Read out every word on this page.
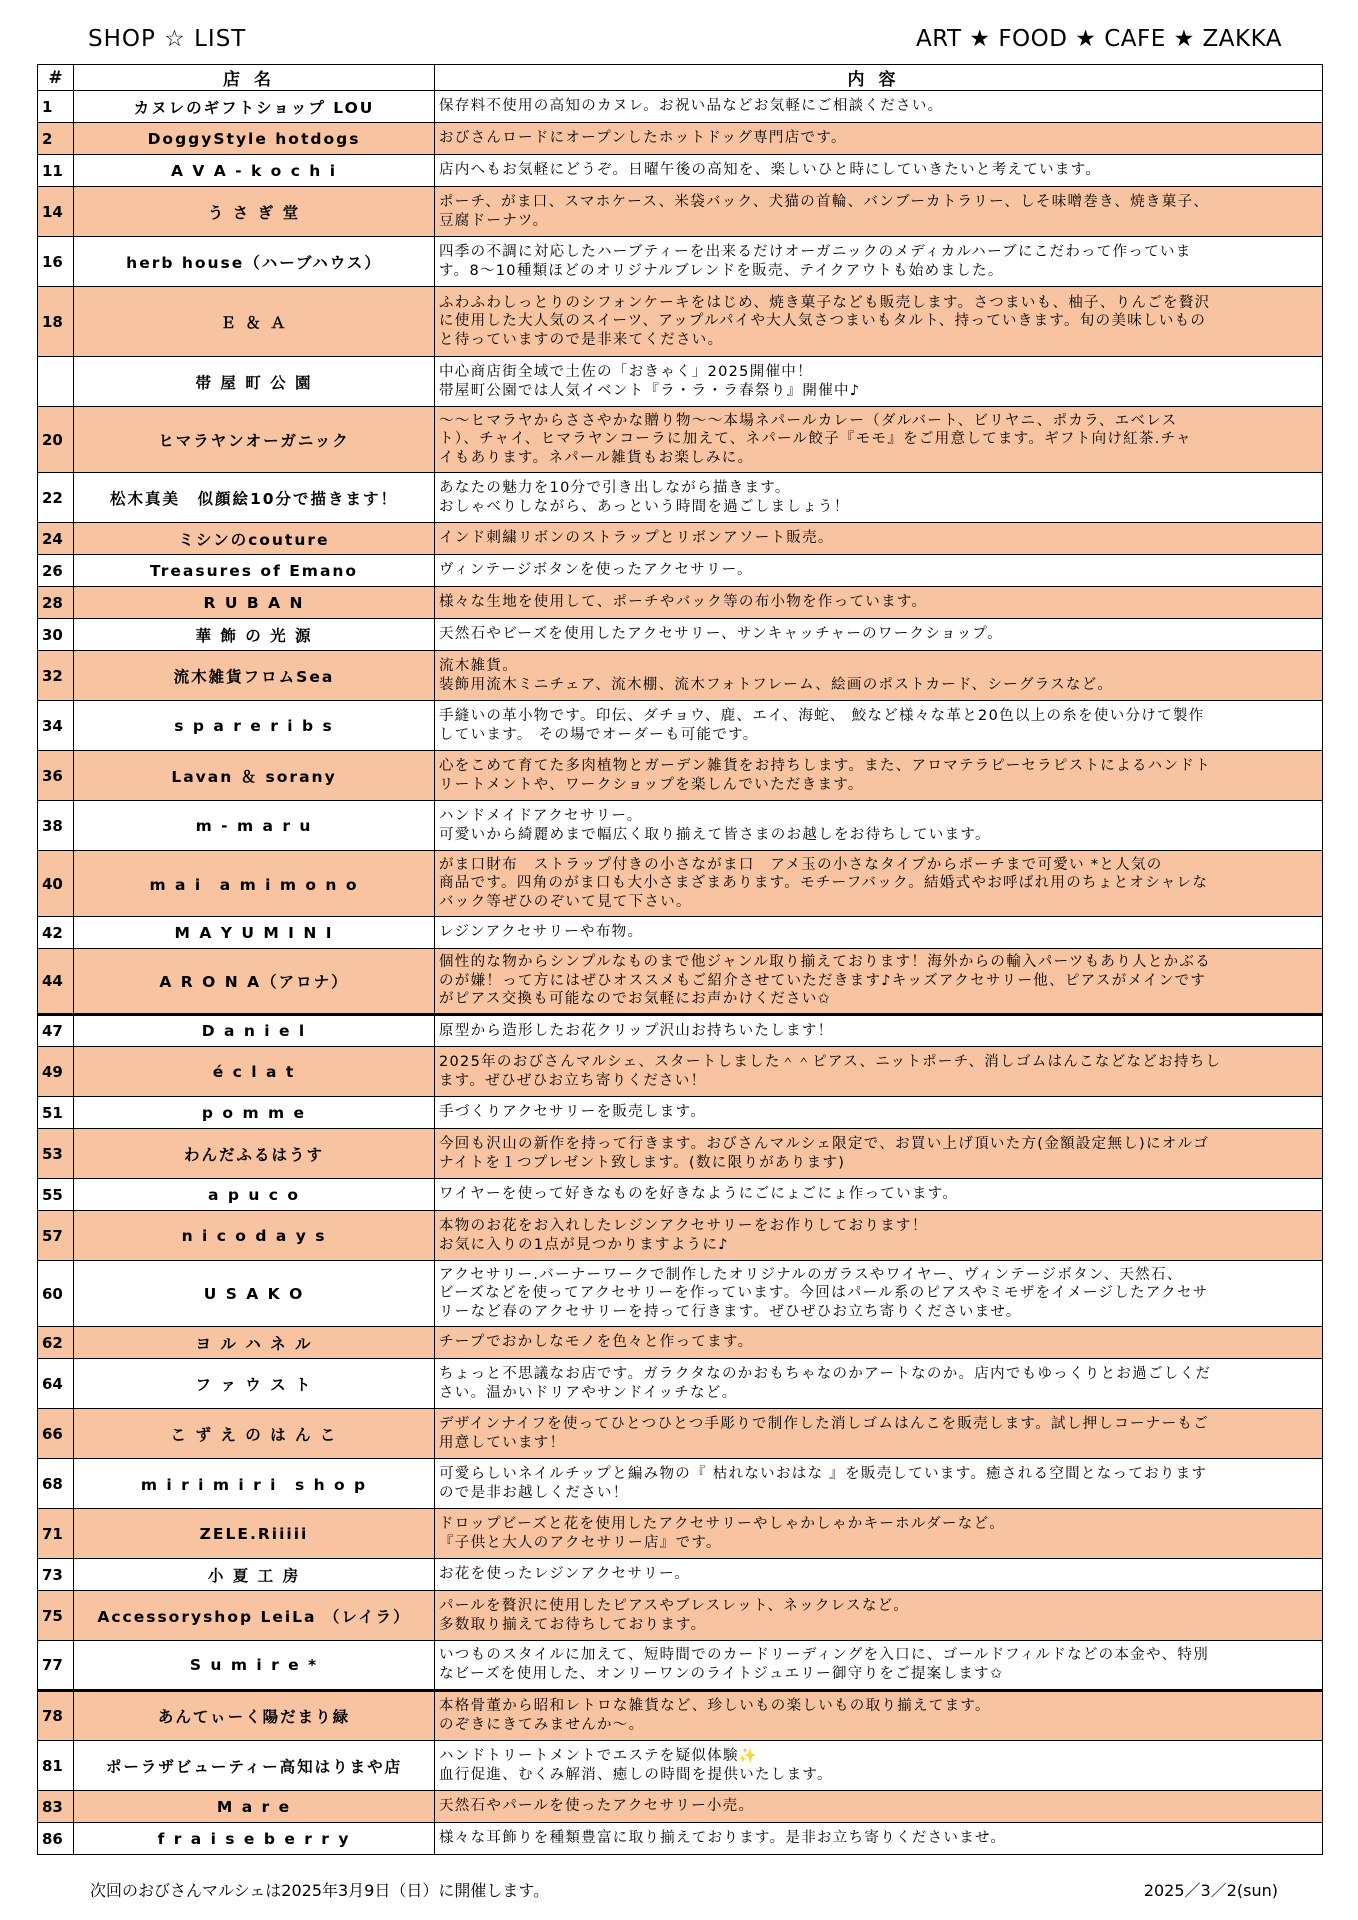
SHOP ☆ LIST	ART ★ FOOD ★ CAFE ★ ZAKKA
#	店名	内容
1	カヌレのギフトショップ LOU	保存料不使用の高知のカヌレ。お祝い品などお気軽にご相談ください。
2	DoggyStyle hotdogs	おびさんロードにオープンしたホットドッグ専門店です。
11	A V A - k o c h i	店内へもお気軽にどうぞ。日曜午後の高知を、楽しいひと時にしていきたいと考えています。
14	う さ ぎ 堂	ポーチ、がま口、スマホケース、米袋バック、犬猫の首輪、バンブーカトラリー、しそ味噌巻き、焼き菓子、
豆腐ドーナツ。
16	herb house（ハーブハウス）	四季の不調に対応したハーブティーを出来るだけオーガニックのメディカルハーブにこだわって作っていま
す。8～10種類ほどのオリジナルブレンドを販売、テイクアウトも始めました。
18	Ｅ ＆ Ａ	ふわふわしっとりのシフォンケーキをはじめ、焼き菓子なども販売します。さつまいも、柚子、りんごを贅沢
に使用した大人気のスイーツ、アップルパイや大人気さつまいもタルト、持っていきます。旬の美味しいもの
と待っていますので是非来てください。
	帯 屋 町 公 園	中心商店街全域で土佐の「おきゃく」2025開催中！
帯屋町公園では人気イベント『ラ・ラ・ラ春祭り』開催中♪
20	ヒマラヤンオーガニック	～～ヒマラヤからささやかな贈り物～～本場ネパールカレー（ダルバート、ビリヤニ、ポカラ、エベレス
ト）、チャイ、ヒマラヤンコーラに加えて、ネパール餃子『モモ』をご用意してます。ギフト向け紅茶.チャ
イもあります。ネパール雑貨もお楽しみに。
22	松木真美　似顔絵10分で描きます！	あなたの魅力を10分で引き出しながら描きます。
おしゃべりしながら、あっという時間を過ごしましょう！
24	ミシンのcouture	インド刺繍リボンのストラップとリボンアソート販売。
26	Treasures of Emano	ヴィンテージボタンを使ったアクセサリー。
28	R U B A N	様々な生地を使用して、ポーチやバック等の布小物を作っています。
30	華 飾 の 光 源	天然石やビーズを使用したアクセサリー、サンキャッチャーのワークショップ。
32	流木雑貨フロムSea	流木雑貨。
装飾用流木ミニチェア、流木棚、流木フォトフレーム、絵画のポストカード、シーグラスなど。
34	s p a r e r i b s	手縫いの革小物です。印伝、ダチョウ、鹿、エイ、海蛇、 鮫など様々な革と20色以上の糸を使い分けて製作
しています。 その場でオーダーも可能です。
36	Lavan ＆ sorany	心をこめて育てた多肉植物とガーデン雑貨をお持ちします。また、アロマテラピーセラピストによるハンドト
リートメントや、ワークショップを楽しんでいただきます。
38	m - m a r u	ハンドメイドアクセサリー。
可愛いから綺麗めまで幅広く取り揃えて皆さまのお越しをお待ちしています。
40	m a i　a m i m o n o	がま口財布　ストラップ付きの小さながま口　アメ玉の小さなタイプからポーチまで可愛い *と人気の
商品です。四角のがま口も大小さまざまあります。モチーフバック。結婚式やお呼ばれ用のちょとオシャレな
バック等ぜひのぞいて見て下さい。
42	M A Y U M I N I	レジンアクセサリーや布物。
44	A R O N A（アロナ）	個性的な物からシンプルなものまで他ジャンル取り揃えております！海外からの輸入パーツもあり人とかぶる
のが嫌！って方にはぜひオススメもご紹介させていただきます♪キッズアクセサリー他、ピアスがメインです
がピアス交換も可能なのでお気軽にお声かけください✩
47	D a n i e l	原型から造形したお花クリップ沢山お持ちいたします！
49	é c l a t	2025年のおびさんマルシェ、スタートしました＾＾ピアス、ニットポーチ、消しゴムはんこなどなどお持ちし
ます。ぜひぜひお立ち寄りください！
51	p o m m e	手づくりアクセサリーを販売します。
53	わんだふるはうす	今回も沢山の新作を持って行きます。おびさんマルシェ限定で、お買い上げ頂いた方(金額設定無し)にオルゴ
ナイトを１つプレゼント致します。(数に限りがあります)
55	a p u c o	ワイヤーを使って好きなものを好きなようにごにょごにょ作っています。
57	n i c o d a y s	本物のお花をお入れしたレジンアクセサリーをお作りしております！
お気に入りの1点が見つかりますように♪
60	U S A K O	アクセサリー.バーナーワークで制作したオリジナルのガラスやワイヤー、ヴィンテージボタン、天然石、
ビーズなどを使ってアクセサリーを作っています。今回はパール系のピアスやミモザをイメージしたアクセサ
リーなど春のアクセサリーを持って行きます。ぜひぜひお立ち寄りくださいませ。
62	ヨ ル ハ ネ ル	チープでおかしなモノを色々と作ってます。
64	フ ァ ウ ス ト	ちょっと不思議なお店です。ガラクタなのかおもちゃなのかアートなのか。店内でもゆっくりとお過ごしくだ
さい。温かいドリアやサンドイッチなど。
66	こ ず え の は ん こ	デザインナイフを使ってひとつひとつ手彫りで制作した消しゴムはんこを販売します。試し押しコーナーもご
用意しています！
68	m i r i m i r i　s h o p	可愛らしいネイルチップと編み物の『 枯れないおはな 』を販売しています。癒される空間となっております
ので是非お越しください！
71	ZELE.Riiiii	ドロップビーズと花を使用したアクセサリーやしゃかしゃかキーホルダーなど。
『子供と大人のアクセサリー店』です。
73	小 夏 工 房	お花を使ったレジンアクセサリー。
75	Accessoryshop LeiLa （レイラ）	パールを贅沢に使用したピアスやブレスレット、ネックレスなど。
多数取り揃えてお待ちしております。
77	S u m i r e *	いつものスタイルに加えて、短時間でのカードリーディングを入口に、ゴールドフィルドなどの本金や、特別
なビーズを使用した、オンリーワンのライトジュエリー御守りをご提案します✩
78	あんてぃーく陽だまり緑	本格骨董から昭和レトロな雑貨など、珍しいもの楽しいもの取り揃えてます。
のぞきにきてみませんか～。
81	ポーラザビューティー高知はりまや店	ハンドトリートメントでエステを疑似体験✨
血行促進、むくみ解消、癒しの時間を提供いたします。
83	M a r e	天然石やパールを使ったアクセサリー小売。
86	f r a i s e b e r r y	様々な耳飾りを種類豊富に取り揃えております。是非お立ち寄りくださいませ。
次回のおびさんマルシェは2025年3月9日（日）に開催します。	2025／3／2(sun)
